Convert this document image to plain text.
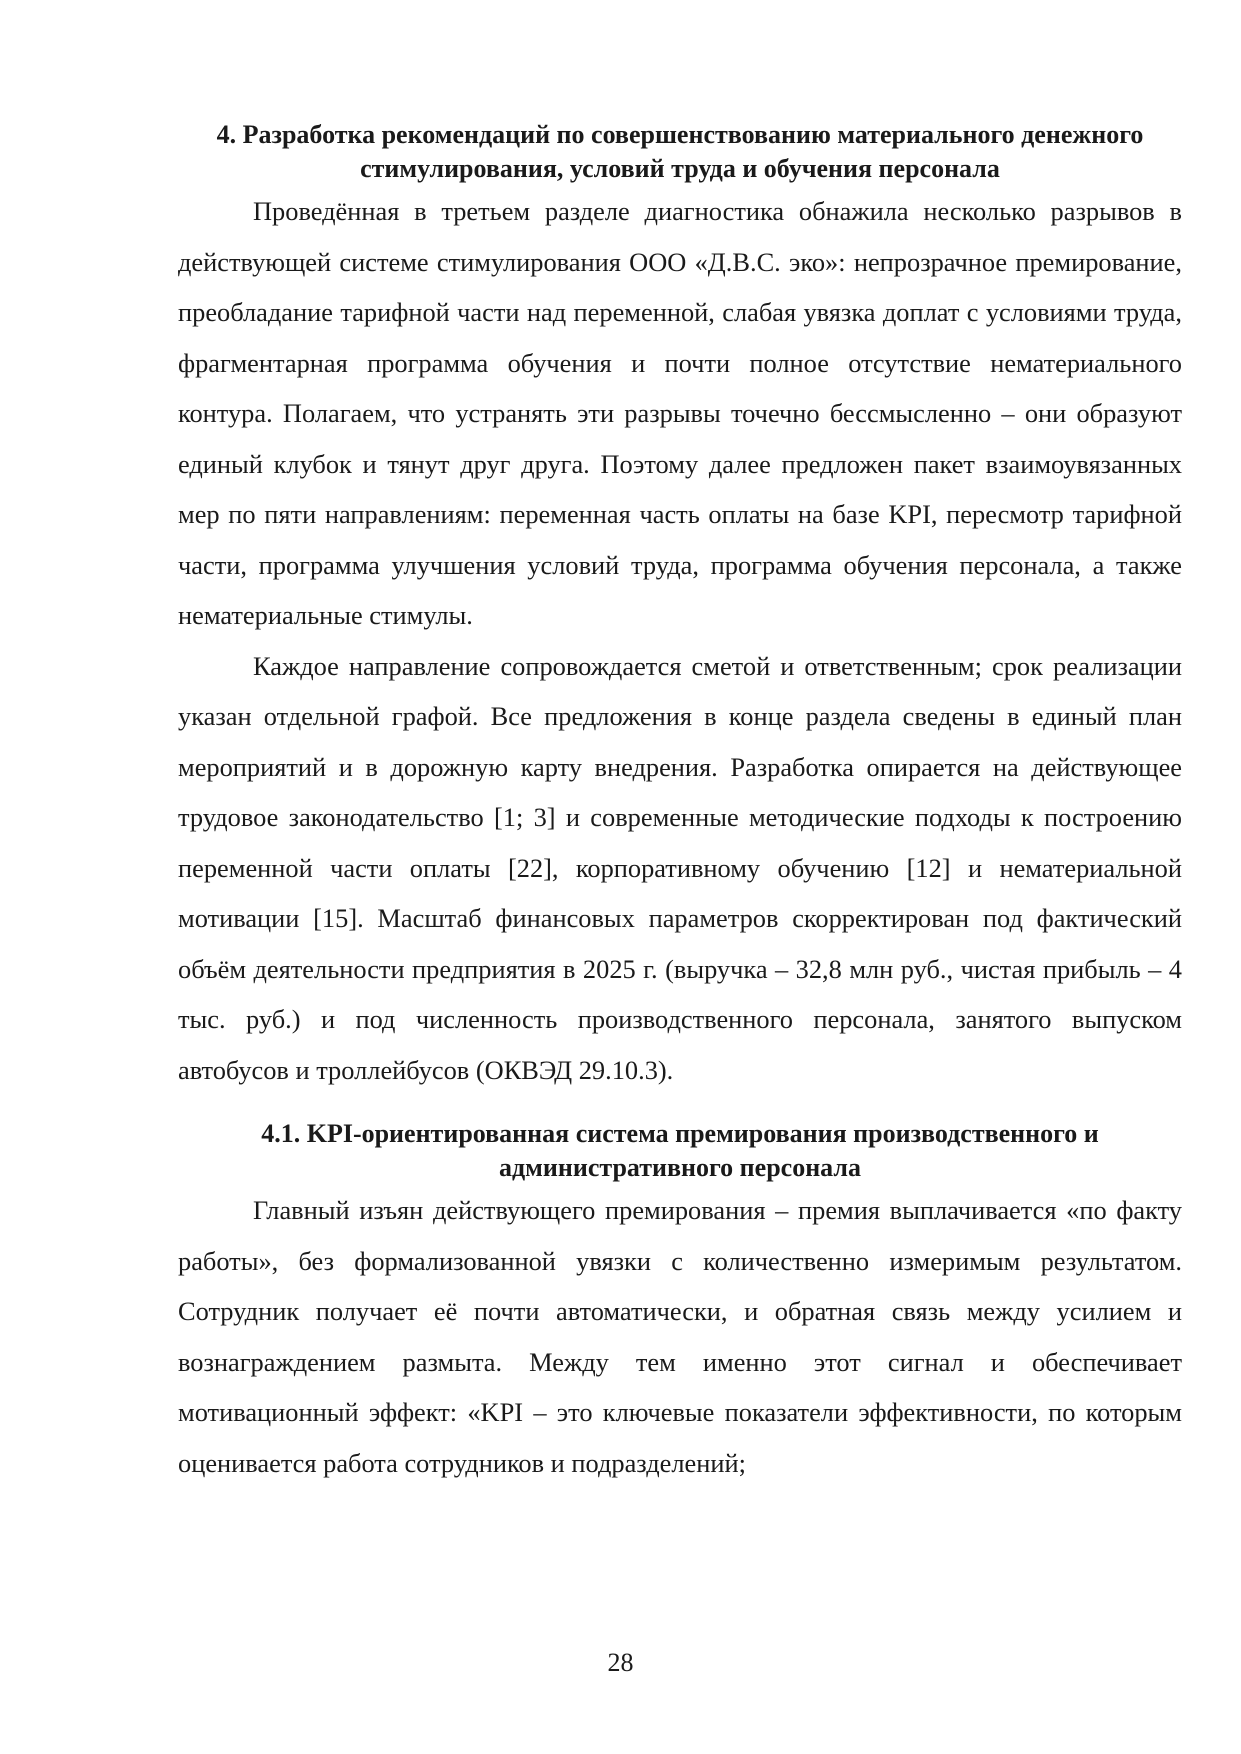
4. Разработка рекомендаций по совершенствованию материального денежного стимулирования, условий труда и обучения персонала

Проведённая в третьем разделе диагностика обнажила несколько разрывов в действующей системе стимулирования ООО «Д.В.С. эко»: непрозрачное премирование, преобладание тарифной части над переменной, слабая увязка доплат с условиями труда, фрагментарная программа обучения и почти полное отсутствие нематериального контура. Полагаем, что устранять эти разрывы точечно бессмысленно – они образуют единый клубок и тянут друг друга. Поэтому далее предложен пакет взаимоувязанных мер по пяти направлениям: переменная часть оплаты на базе KPI, пересмотр тарифной части, программа улучшения условий труда, программа обучения персонала, а также нематериальные стимулы.

Каждое направление сопровождается сметой и ответственным; срок реализации указан отдельной графой. Все предложения в конце раздела сведены в единый план мероприятий и в дорожную карту внедрения. Разработка опирается на действующее трудовое законодательство [1; 3] и современные методические подходы к построению переменной части оплаты [22], корпоративному обучению [12] и нематериальной мотивации [15]. Масштаб финансовых параметров скорректирован под фактический объём деятельности предприятия в 2025 г. (выручка – 32,8 млн руб., чистая прибыль – 4 тыс. руб.) и под численность производственного персонала, занятого выпуском автобусов и троллейбусов (ОКВЭД 29.10.3).

4.1. KPI-ориентированная система премирования производственного и административного персонала

Главный изъян действующего премирования – премия выплачивается «по факту работы», без формализованной увязки с количественно измеримым результатом. Сотрудник получает её почти автоматически, и обратная связь между усилием и вознаграждением размыта. Между тем именно этот сигнал и обеспечивает мотивационный эффект: «KPI – это ключевые показатели эффективности, по которым оценивается работа сотрудников и подразделений;

28
